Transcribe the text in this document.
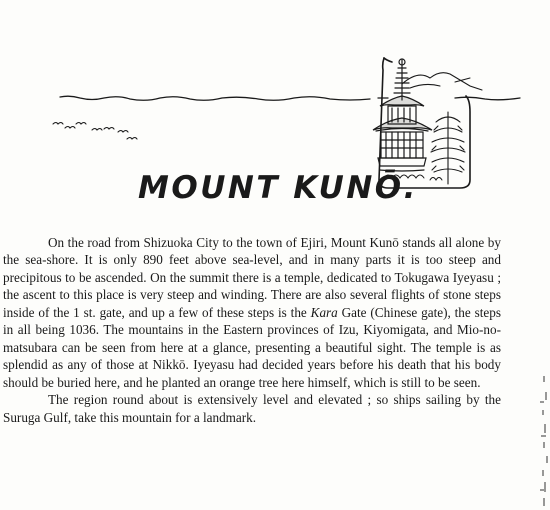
MOUNT KUNŌ.

On the road from Shizuoka City to the town of Ejiri, Mount Kunō stands all alone by the sea-shore. It is only 890 feet above sea-level, and in many parts it is too steep and precipitous to be ascended. On the summit there is a temple, dedicated to Tokugawa Iyeyasu ; the ascent to this place is very steep and winding. There are also several flights of stone steps inside of the 1 st. gate, and up a few of these steps is the Kara Gate (Chinese gate), the steps in all being 1036. The mountains in the Eastern provinces of Izu, Kiyomigata, and Mio-no-matsubara can be seen from here at a glance, presenting a beautiful sight. The temple is as splendid as any of those at Nikkō. Iyeyasu had decided years before his death that his body should be buried here, and he planted an orange tree here himself, which is still to be seen.

The region round about is extensively level and elevated ; so ships sailing by the Suruga Gulf, take this mountain for a landmark.
